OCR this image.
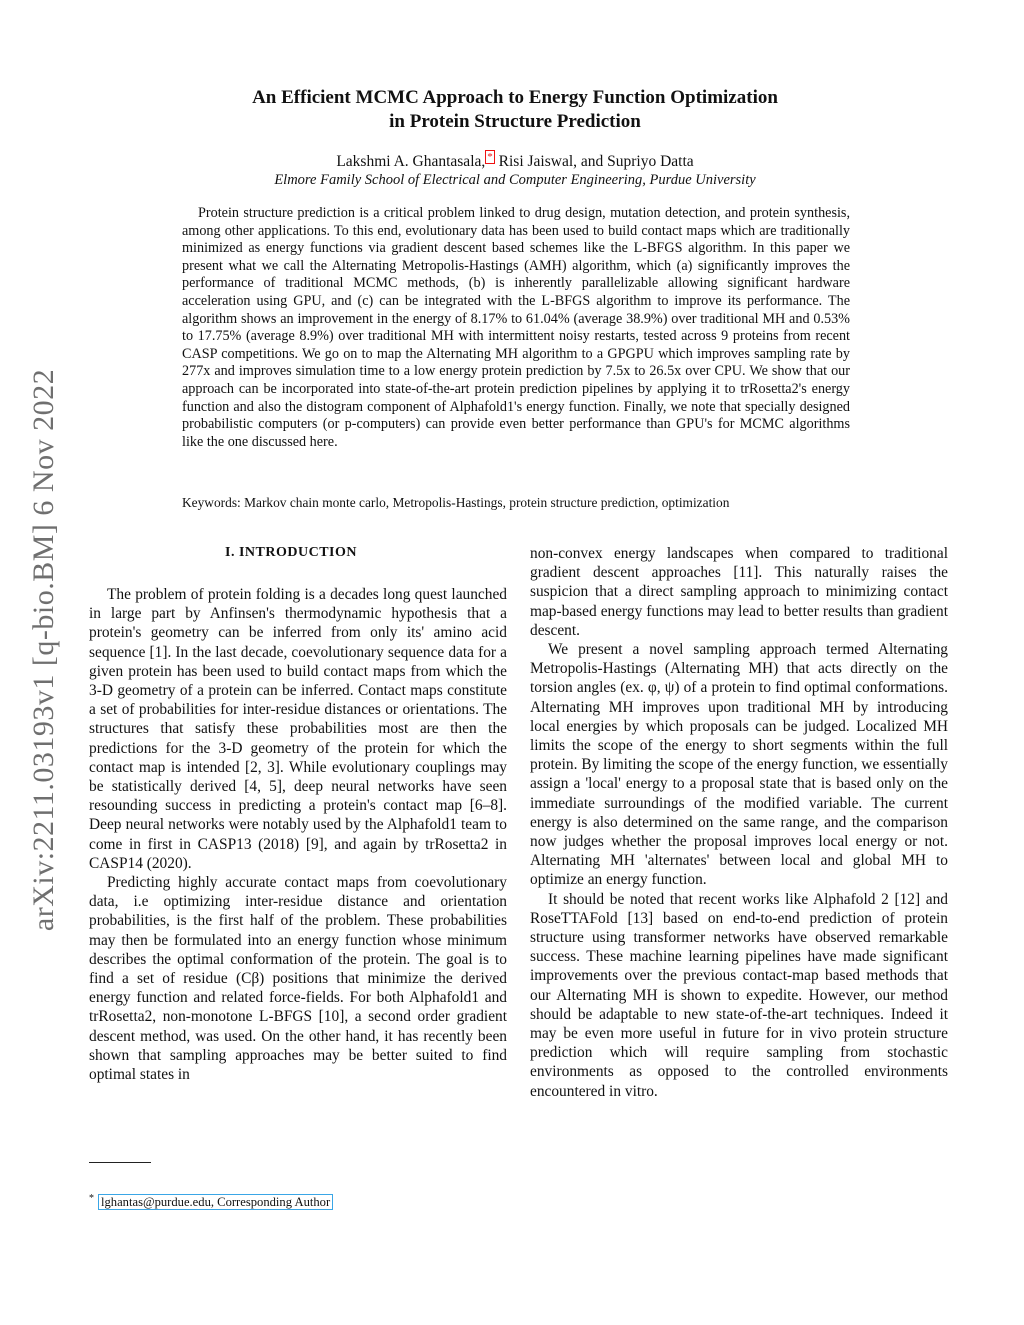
arXiv:2211.03193v1 [q-bio.BM] 6 Nov 2022
An Efficient MCMC Approach to Energy Function Optimization
in Protein Structure Prediction
Lakshmi A. Ghantasala, * Risi Jaiswal, and Supriyo Datta
Elmore Family School of Electrical and Computer Engineering, Purdue University

Protein structure prediction is a critical problem linked to drug design, mutation detection, and protein synthesis, among other applications. To this end, evolutionary data has been used to build contact maps which are traditionally minimized as energy functions via gradient descent based schemes like the L-BFGS algorithm. In this paper we present what we call the Alternating Metropolis-Hastings (AMH) algorithm, which (a) significantly improves the performance of traditional MCMC methods, (b) is inherently parallelizable allowing significant hardware acceleration using GPU, and (c) can be integrated with the L-BFGS algorithm to improve its performance. The algorithm shows an improvement in the energy of 8.17% to 61.04% (average 38.9%) over traditional MH and 0.53% to 17.75% (average 8.9%) over traditional MH with intermittent noisy restarts, tested across 9 proteins from recent CASP competitions. We go on to map the Alternating MH algorithm to a GPGPU which improves sampling rate by 277x and improves simulation time to a low energy protein prediction by 7.5x to 26.5x over CPU. We show that our approach can be incorporated into state-of-the-art protein prediction pipelines by applying it to trRosetta2's energy function and also the distogram component of Alphafold1's energy function. Finally, we note that specially designed probabilistic computers (or p-computers) can provide even better performance than GPU's for MCMC algorithms like the one discussed here.

Keywords: Markov chain monte carlo, Metropolis-Hastings, protein structure prediction, optimization
I. INTRODUCTION

The problem of protein folding is a decades long quest launched in large part by Anfinsen's thermodynamic hypothesis that a protein's geometry can be inferred from only its' amino acid sequence [1]. In the last decade, coevolutionary sequence data for a given protein has been used to build contact maps from which the 3-D geometry of a protein can be inferred. Contact maps constitute a set of probabilities for inter-residue distances or orientations. The structures that satisfy these probabilities most are then the predictions for the 3-D geometry of the protein for which the contact map is intended [2, 3]. While evolutionary couplings may be statistically derived [4, 5], deep neural networks have seen resounding success in predicting a protein's contact map [6–8]. Deep neural networks were notably used by the Alphafold1 team to come in first in CASP13 (2018) [9], and again by trRosetta2 in CASP14 (2020).

Predicting highly accurate contact maps from coevolutionary data, i.e optimizing inter-residue distance and orientation probabilities, is the first half of the problem. These probabilities may then be formulated into an energy function whose minimum describes the optimal conformation of the protein. The goal is to find a set of residue (Cβ) positions that minimize the derived energy function and related force-fields. For both Alphafold1 and trRosetta2, non-monotone L-BFGS [10], a second order gradient descent method, was used. On the other hand, it has recently been shown that sampling approaches may be better suited to find optimal states in

non-convex energy landscapes when compared to traditional gradient descent approaches [11]. This naturally raises the suspicion that a direct sampling approach to minimizing contact map-based energy functions may lead to better results than gradient descent.

We present a novel sampling approach termed Alternating Metropolis-Hastings (Alternating MH) that acts directly on the torsion angles (ex. φ, ψ) of a protein to find optimal conformations. Alternating MH improves upon traditional MH by introducing local energies by which proposals can be judged. Localized MH limits the scope of the energy to short segments within the full protein. By limiting the scope of the energy function, we essentially assign a 'local' energy to a proposal state that is based only on the immediate surroundings of the modified variable. The current energy is also determined on the same range, and the comparison now judges whether the proposal improves local energy or not. Alternating MH 'alternates' between local and global MH to optimize an energy function.

It should be noted that recent works like Alphafold 2 [12] and RoseTTAFold [13] based on end-to-end prediction of protein structure using transformer networks have observed remarkable success. These machine learning pipelines have made significant improvements over the previous contact-map based methods that our Alternating MH is shown to expedite. However, our method should be adaptable to new state-of-the-art techniques. Indeed it may be even more useful in future for in vivo protein structure prediction which will require sampling from stochastic environments as opposed to the controlled environments encountered in vitro.

* lghantas@purdue.edu, Corresponding Author
